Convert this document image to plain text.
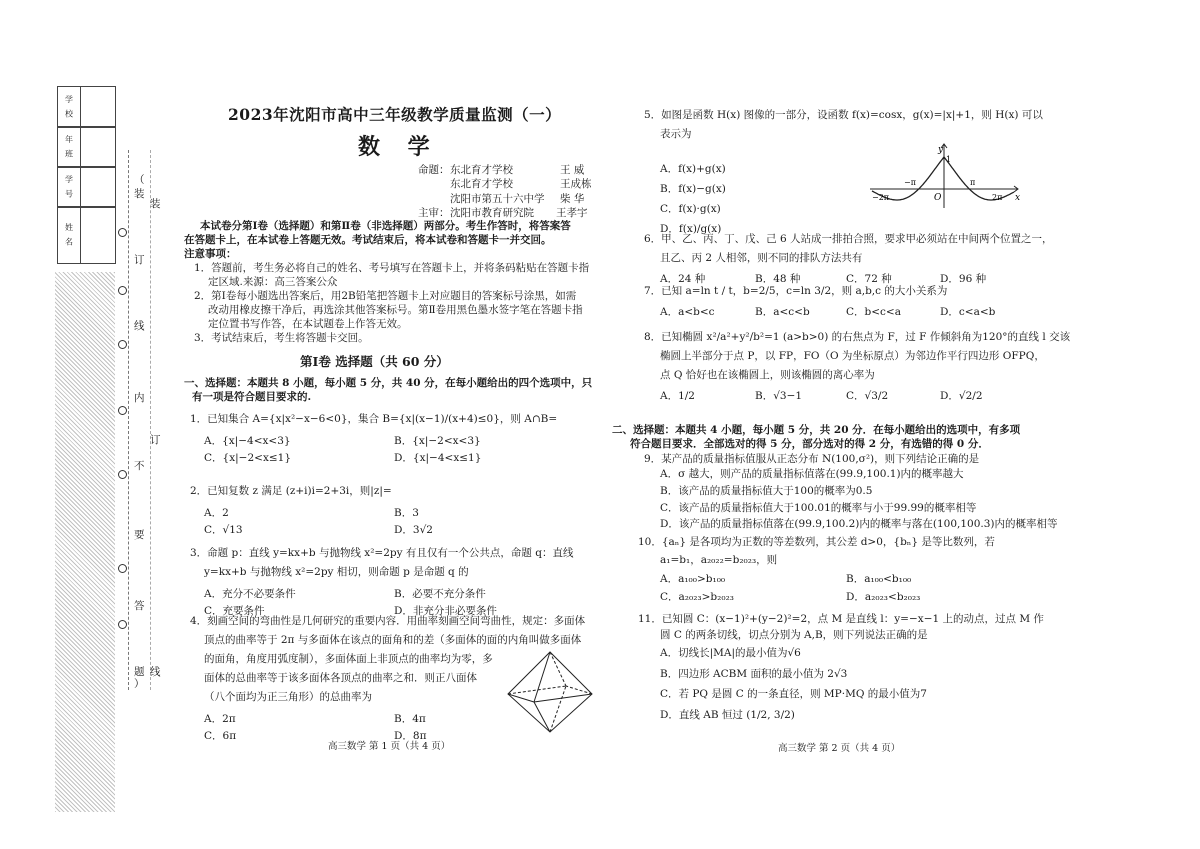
学 校
年 班
学 号
姓 名
（
装
订
线
内
不
要
答
题
）
装
订
线
2023年沈阳市高中三年级教学质量监测（一）
数 学
命题： 东北育才学校	王 威
东北育才学校	王成栋
沈阳市第五十六中学 柴 华
主审： 沈阳市教育研究院 王孝宇
本试卷分第Ⅰ卷（选择题）和第Ⅱ卷（非选择题）两部分。考生作答时，将答案答
在答题卡上，在本试卷上答题无效。考试结束后，将本试卷和答题卡一并交回。
注意事项：
1．答题前，考生务必将自己的姓名、考号填写在答题卡上，并将条码粘贴在答题卡指
定区域.来源：高三答案公众
2．第Ⅰ卷每小题选出答案后，用2B铅笔把答题卡上对应题目的答案标号涂黑，如需
改动用橡皮擦干净后，再选涂其他答案标号。第Ⅱ卷用黑色墨水签字笔在答题卡指
定位置书写作答，在本试题卷上作答无效。
3．考试结束后，考生将答题卡交回。
第Ⅰ卷 选择题（共 60 分）
一、选择题：本题共 8 小题，每小题 5 分，共 40 分，在每小题给出的四个选项中，只
有一项是符合题目要求的.
1．已知集合 A={x|x²−x−6<0}，集合 B={x|(x−1)/(x+4)≤0}，则 A∩B=
A．{x|−4<x<3}	B．{x|−2<x<3}
C．{x|−2<x≤1}	D．{x|−4<x≤1}
2．已知复数 z 满足 (z+i)i=2+3i，则|z|=
A．2	B．3
C．√13	D．3√2
3．命题 p：直线 y=kx+b 与抛物线 x²=2py 有且仅有一个公共点，命题 q：直线
y=kx+b 与抛物线 x²=2py 相切，则命题 p 是命题 q 的
A．充分不必要条件	B．必要不充分条件
C．充要条件	D．非充分非必要条件
4．刻画空间的弯曲性是几何研究的重要内容．用曲率刻画空间弯曲性，规定：多面体
顶点的曲率等于 2π 与多面体在该点的面角和的差（多面体的面的内角叫做多面体
的面角，角度用弧度制），多面体面上非顶点的曲率均为零，多
面体的总曲率等于该多面体各顶点的曲率之和．则正八面体
（八个面均为正三角形）的总曲率为
A．2π	B．4π
C．6π	D．8π
高三数学 第 1 页（共 4 页）
5．如图是函数 H(x) 图像的一部分，设函数 f(x)=cosx，g(x)=|x|+1，则 H(x) 可以
表示为
A．f(x)+g(x)
B．f(x)−g(x)
C．f(x)·g(x)
D．f(x)/g(x)
6．甲、乙、丙、丁、戊、己 6 人站成一排拍合照，要求甲必须站在中间两个位置之一，
且乙、丙 2 人相邻，则不同的排队方法共有
A．24 种	B．48 种	C．72 种	D．96 种
7．已知 a=ln t / t，b=2/5，c=ln 3/2，则 a,b,c 的大小关系为
A．a<b<c	B．a<c<b	C．b<c<a	D．c<a<b
8．已知椭圆 x²/a²+y²/b²=1 (a>b>0) 的右焦点为 F，过 F 作倾斜角为120°的直线 l 交该
椭圆上半部分于点 P，以 FP，FO（O 为坐标原点）为邻边作平行四边形 OFPQ，
点 Q 恰好也在该椭圆上，则该椭圆的离心率为
A．1/2	B．√3−1	C．√3/2	D．√2/2
y
x
1
O
−π	π
−2π	2π
二、选择题：本题共 4 小题，每小题 5 分，共 20 分．在每小题给出的选项中，有多项
符合题目要求．全部选对的得 5 分，部分选对的得 2 分，有选错的得 0 分．
9．某产品的质量指标值服从正态分布 N(100,σ²)，则下列结论正确的是
A．σ 越大，则产品的质量指标值落在(99.9,100.1)内的概率越大
B．该产品的质量指标值大于100的概率为0.5
C．该产品的质量指标值大于100.01的概率与小于99.99的概率相等
D．该产品的质量指标值落在(99.9,100.2)内的概率与落在(100,100.3)内的概率相等
10．{aₙ} 是各项均为正数的等差数列，其公差 d>0，{bₙ} 是等比数列，若
a₁=b₁，a₂₀₂₂=b₂₀₂₃，则
A．a₁₀₀>b₁₀₀	B．a₁₀₀<b₁₀₀
C．a₂₀₂₃>b₂₀₂₃	D．a₂₀₂₃<b₂₀₂₃
11．已知圆 C：(x−1)²+(y−2)²=2，点 M 是直线 l：y=−x−1 上的动点，过点 M 作
圆 C 的两条切线，切点分别为 A,B，则下列说法正确的是
A．切线长|MA|的最小值为√6
B．四边形 ACBM 面积的最小值为 2√3
C．若 PQ 是圆 C 的一条直径，则 MP·MQ 的最小值为7
D．直线 AB 恒过 (1/2, 3/2)
高三数学 第 2 页（共 4 页）
